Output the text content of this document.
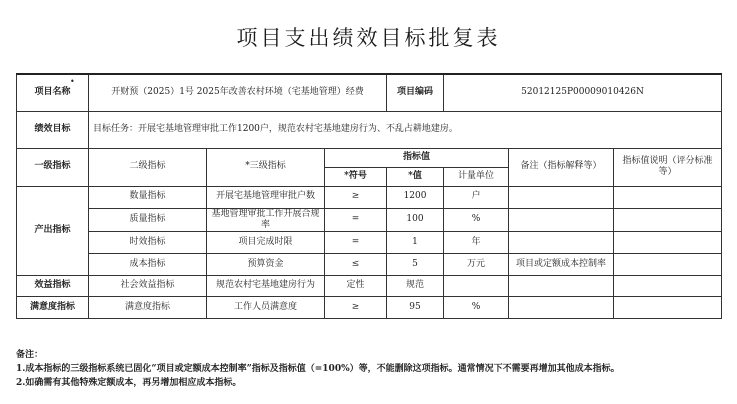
项目支出绩效目标批复表
•
项目名称	开财预（2025）1号 2025年改善农村环境（宅基地管理）经费			项目编码	52012125P00009010426N		
绩效目标	目标任务：开展宅基地管理审批工作1200户，规范农村宅基地建房行为、不乱占耕地建房。						
一级指标	二级指标	*三级指标	指标值			备注（指标解释等）	指标值说明（评分标准等）
			*符号	*值	计量单位		
产出指标	数量指标	开展宅基地管理审批户数	≥	1200	户		
	质量指标	基地管理审批工作开展合规率	=	100	%		
	时效指标	项目完成时限	=	1	年		
	成本指标	预算资金	≤	5	万元	项目或定额成本控制率	
效益指标	社会效益指标	规范农村宅基地建房行为	定性	规范			
满意度指标	满意度指标	工作人员满意度	≥	95	%		
备注：
1.成本指标的三级指标系统已固化“项目或定额成本控制率”指标及指标值（=100%）等，不能删除这项指标。通常情况下不需要再增加其他成本指标。
2.如确需有其他特殊定额成本，再另增加相应成本指标。
